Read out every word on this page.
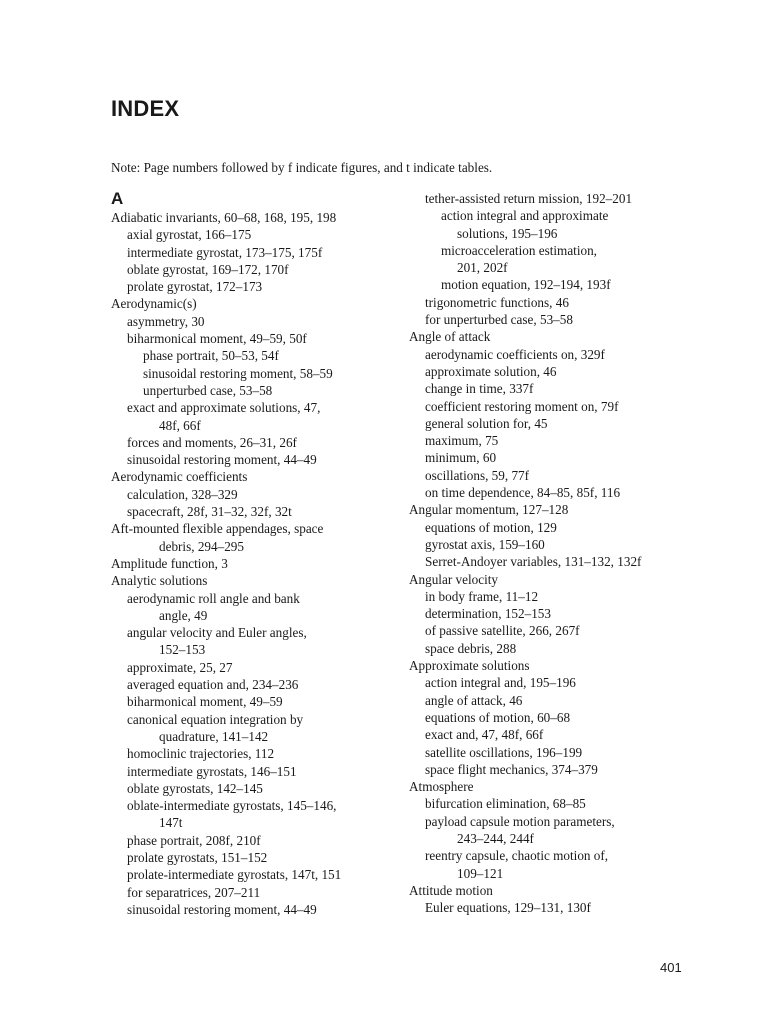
INDEX
Note: Page numbers followed by f indicate figures, and t indicate tables.
A
Adiabatic invariants, 60–68, 168, 195, 198
axial gyrostat, 166–175
intermediate gyrostat, 173–175, 175f
oblate gyrostat, 169–172, 170f
prolate gyrostat, 172–173
Aerodynamic(s)
asymmetry, 30
biharmonical moment, 49–59, 50f
phase portrait, 50–53, 54f
sinusoidal restoring moment, 58–59
unperturbed case, 53–58
exact and approximate solutions, 47,
48f, 66f
forces and moments, 26–31, 26f
sinusoidal restoring moment, 44–49
Aerodynamic coefficients
calculation, 328–329
spacecraft, 28f, 31–32, 32f, 32t
Aft-mounted flexible appendages, space
debris, 294–295
Amplitude function, 3
Analytic solutions
aerodynamic roll angle and bank
angle, 49
angular velocity and Euler angles,
152–153
approximate, 25, 27
averaged equation and, 234–236
biharmonical moment, 49–59
canonical equation integration by
quadrature, 141–142
homoclinic trajectories, 112
intermediate gyrostats, 146–151
oblate gyrostats, 142–145
oblate-intermediate gyrostats, 145–146,
147t
phase portrait, 208f, 210f
prolate gyrostats, 151–152
prolate-intermediate gyrostats, 147t, 151
for separatrices, 207–211
sinusoidal restoring moment, 44–49
tether-assisted return mission, 192–201
action integral and approximate
solutions, 195–196
microacceleration estimation,
201, 202f
motion equation, 192–194, 193f
trigonometric functions, 46
for unperturbed case, 53–58
Angle of attack
aerodynamic coefficients on, 329f
approximate solution, 46
change in time, 337f
coefficient restoring moment on, 79f
general solution for, 45
maximum, 75
minimum, 60
oscillations, 59, 77f
on time dependence, 84–85, 85f, 116
Angular momentum, 127–128
equations of motion, 129
gyrostat axis, 159–160
Serret-Andoyer variables, 131–132, 132f
Angular velocity
in body frame, 11–12
determination, 152–153
of passive satellite, 266, 267f
space debris, 288
Approximate solutions
action integral and, 195–196
angle of attack, 46
equations of motion, 60–68
exact and, 47, 48f, 66f
satellite oscillations, 196–199
space flight mechanics, 374–379
Atmosphere
bifurcation elimination, 68–85
payload capsule motion parameters,
243–244, 244f
reentry capsule, chaotic motion of,
109–121
Attitude motion
Euler equations, 129–131, 130f
401
